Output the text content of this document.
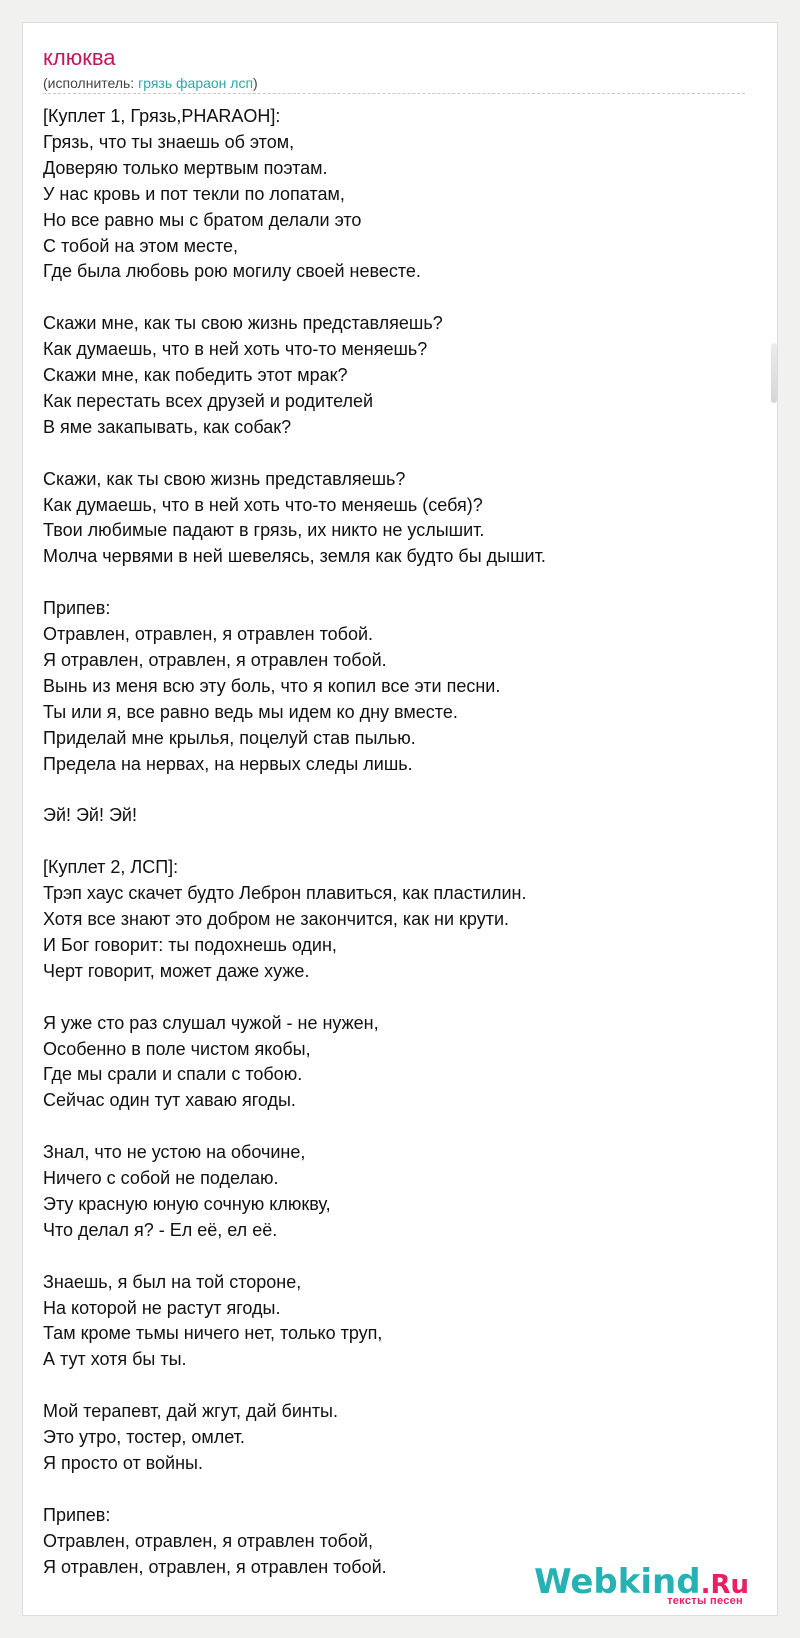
клюква
(исполнитель: грязь фараон лсп)
[Куплет 1, Грязь,PHARAOH]:
Грязь, что ты знаешь об этом,
Доверяю только мертвым поэтам.
У нас кровь и пот текли по лопатам,
Но все равно мы с братом делали это
С тобой на этом месте,
Где была любовь рою могилу своей невесте.
Скажи мне, как ты свою жизнь представляешь?
Как думаешь, что в ней хоть что-то меняешь?
Скажи мне, как победить этот мрак?
Как перестать всех друзей и родителей
В яме закапывать, как собак?
Скажи, как ты свою жизнь представляешь?
Как думаешь, что в ней хоть что-то меняешь (себя)?
Твои любимые падают в грязь, их никто не услышит.
Молча червями в ней шевелясь, земля как будто бы дышит.
Припев:
Отравлен, отравлен, я отравлен тобой.
Я отравлен, отравлен, я отравлен тобой.
Вынь из меня всю эту боль, что я копил все эти песни.
Ты или я, все равно ведь мы идем ко дну вместе.
Приделай мне крылья, поцелуй став пылью.
Предела на нервах, на нервых следы лишь.
Эй! Эй! Эй!
[Куплет 2, ЛСП]:
Трэп хаус скачет будто Леброн плавиться, как пластилин.
Хотя все знают это добром не закончится, как ни крути.
И Бог говорит: ты подохнешь один,
Черт говорит, может даже хуже.
Я уже сто раз слушал чужой - не нужен,
Особенно в поле чистом якобы,
Где мы срали и спали с тобою.
Сейчас один тут хаваю ягоды.
Знал, что не устою на обочине,
Ничего с собой не поделаю.
Эту красную юную сочную клюкву,
Что делал я? - Ел её, ел её.
Знаешь, я был на той стороне,
На которой не растут ягоды.
Там кроме тьмы ничего нет, только труп,
А тут хотя бы ты.
Мой терапевт, дай жгут, дай бинты.
Это утро, тостер, омлет.
Я просто от войны.
Припев:
Отравлен, отравлен, я отравлен тобой,
Я отравлен, отравлен, я отравлен тобой.	Webkind.Ru
тексты песен
